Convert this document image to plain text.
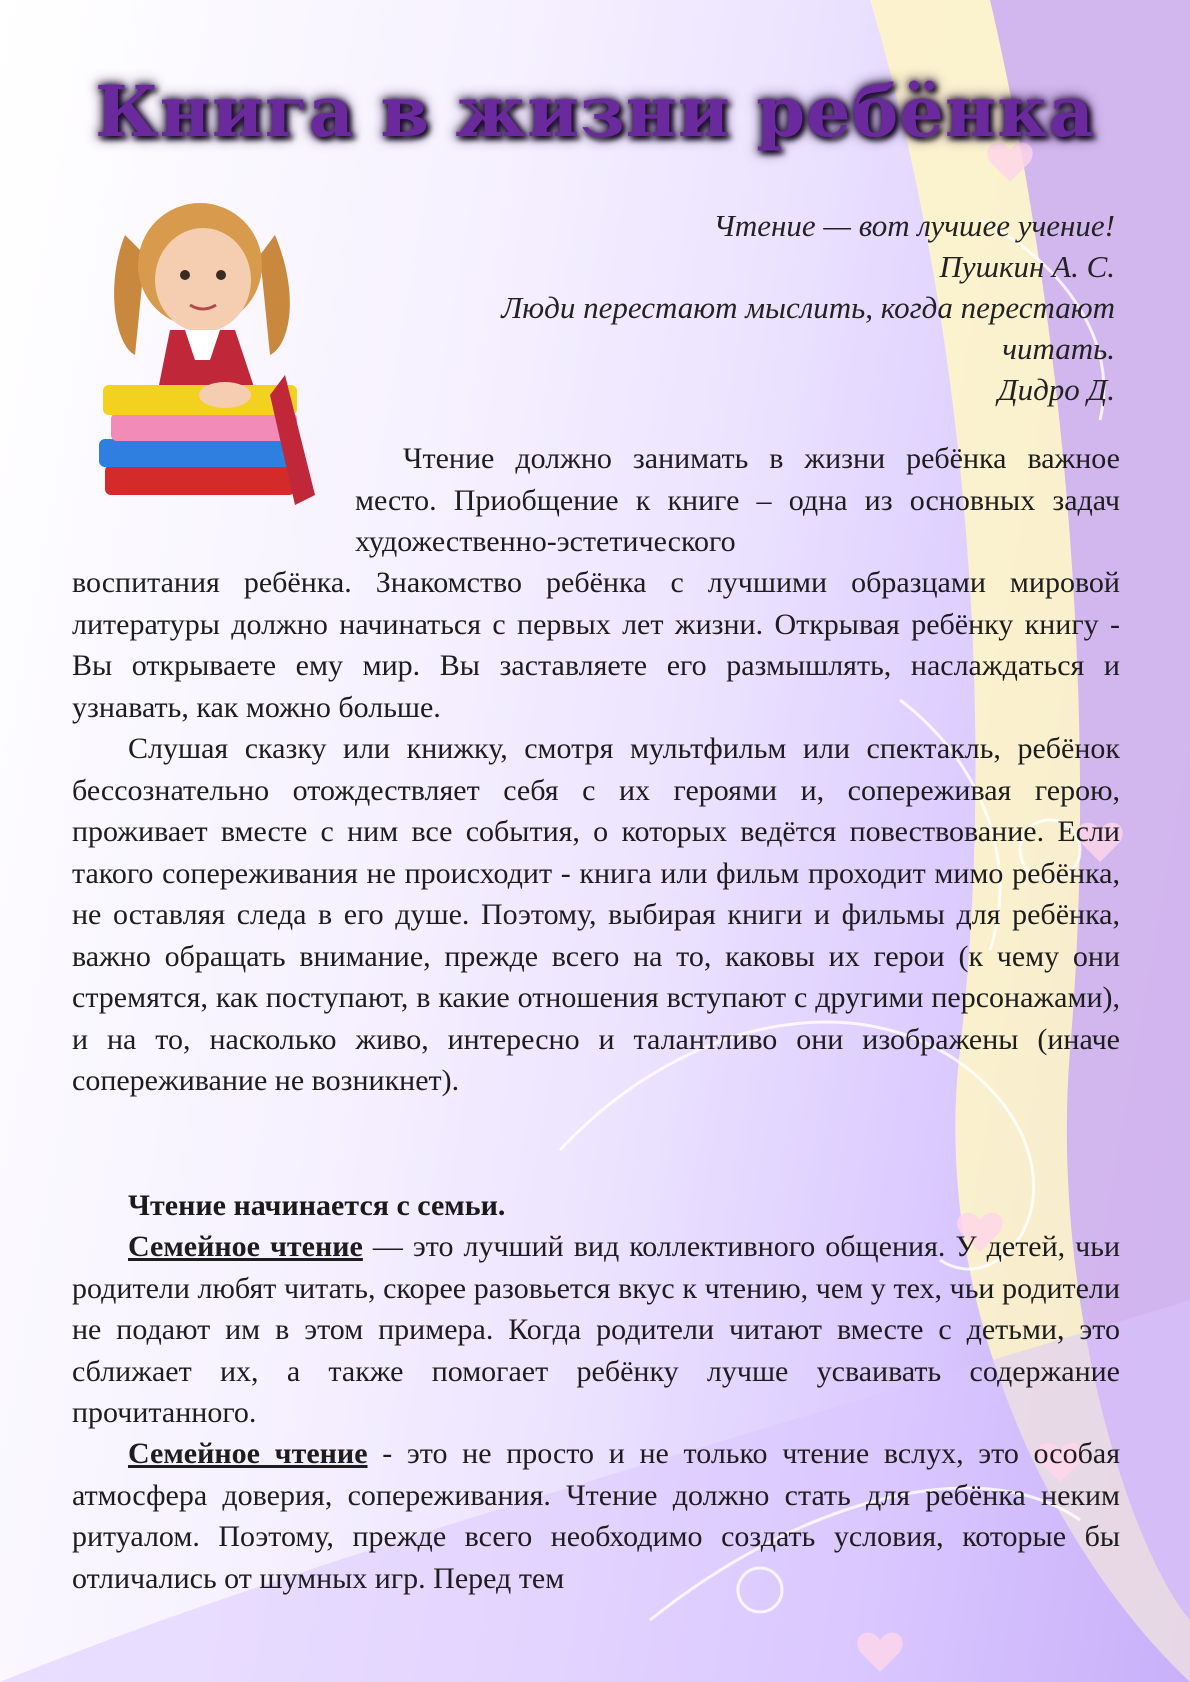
Книга в жизни ребёнка
Чтение — вот лучшее учение!
Пушкин А. С.
Люди перестают мыслить, когда перестают
читать.
Дидро Д.
Чтение должно занимать в жизни ребёнка важное место. Приобщение к книге – одна из основных задач художественно-эстетического
воспитания ребёнка. Знакомство ребёнка с лучшими образцами мировой литературы должно начинаться с первых лет жизни. Открывая ребёнку книгу - Вы открываете ему мир. Вы заставляете его размышлять, наслаждаться и узнавать, как можно больше.
Слушая сказку или книжку, смотря мультфильм или спектакль, ребёнок бессознательно отождествляет себя с их героями и, сопереживая герою, проживает вместе с ним все события, о которых ведётся повествование. Если такого сопереживания не происходит - книга или фильм проходит мимо ребёнка, не оставляя следа в его душе. Поэтому, выбирая книги и фильмы для ребёнка, важно обращать внимание, прежде всего на то, каковы их герои (к чему они стремятся, как поступают, в какие отношения вступают с другими персонажами), и на то, насколько живо, интересно и талантливо они изображены (иначе сопереживание не возникнет).
Чтение начинается с семьи.
Семейное чтение — это лучший вид коллективного общения. У детей, чьи родители любят читать, скорее разовьется вкус к чтению, чем у тех, чьи родители не подают им в этом примера. Когда родители читают вместе с детьми, это сближает их, а также помогает ребёнку лучше усваивать содержание прочитанного.
Семейное чтение - это не просто и не только чтение вслух, это особая атмосфера доверия, сопереживания. Чтение должно стать для ребёнка неким ритуалом. Поэтому, прежде всего необходимо создать условия, которые бы отличались от шумных игр. Перед тем
